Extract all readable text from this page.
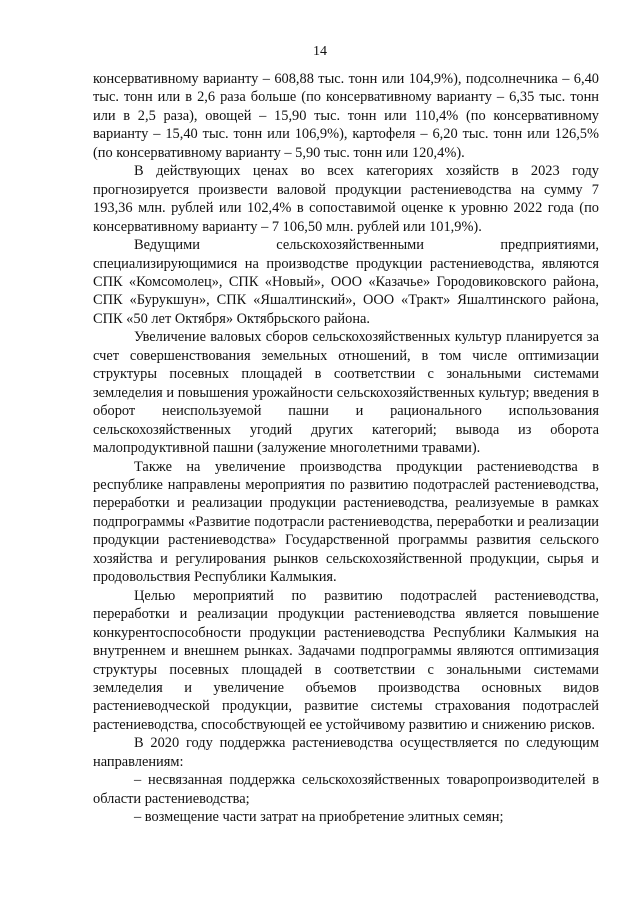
14

консервативному варианту – 608,88 тыс. тонн или 104,9%), подсолнечника – 6,40 тыс. тонн или в 2,6 раза больше (по консервативному варианту – 6,35 тыс. тонн или в 2,5 раза), овощей – 15,90 тыс. тонн или 110,4% (по консервативному варианту – 15,40 тыс. тонн или 106,9%), картофеля – 6,20 тыс. тонн или 126,5% (по консервативному варианту – 5,90 тыс. тонн или 120,4%).

В действующих ценах во всех категориях хозяйств в 2023 году прогнозируется произвести валовой продукции растениеводства на сумму 7 193,36 млн. рублей или 102,4% в сопоставимой оценке к уровню 2022 года (по консервативному варианту – 7 106,50 млн. рублей или 101,9%).

Ведущими сельскохозяйственными предприятиями, специализирующимися на производстве продукции растениеводства, являются СПК «Комсомолец», СПК «Новый», ООО «Казачье» Городовиковского района, СПК «Бурукшун», СПК «Яшалтинский», ООО «Тракт» Яшалтинского района, СПК «50 лет Октября» Октябрьского района.

Увеличение валовых сборов сельскохозяйственных культур планируется за счет совершенствования земельных отношений, в том числе оптимизации структуры посевных площадей в соответствии с зональными системами земледелия и повышения урожайности сельскохозяйственных культур; введения в оборот неиспользуемой пашни и рационального использования сельскохозяйственных угодий других категорий; вывода из оборота малопродуктивной пашни (залужение многолетними травами).

Также на увеличение производства продукции растениеводства в республике направлены мероприятия по развитию подотраслей растениеводства, переработки и реализации продукции растениеводства, реализуемые в рамках подпрограммы «Развитие подотрасли растениеводства, переработки и реализации продукции растениеводства» Государственной программы развития сельского хозяйства и регулирования рынков сельскохозяйственной продукции, сырья и продовольствия Республики Калмыкия.

Целью мероприятий по развитию подотраслей растениеводства, переработки и реализации продукции растениеводства является повышение конкурентоспособности продукции растениеводства Республики Калмыкия на внутреннем и внешнем рынках. Задачами подпрограммы являются оптимизация структуры посевных площадей в соответствии с зональными системами земледелия и увеличение объемов производства основных видов растениеводческой продукции, развитие системы страхования подотраслей растениеводства, способствующей ее устойчивому развитию и снижению рисков.

В 2020 году поддержка растениеводства осуществляется по следующим направлениям:

– несвязанная поддержка сельскохозяйственных товаропроизводителей в области растениеводства;

– возмещение части затрат на приобретение элитных семян;
